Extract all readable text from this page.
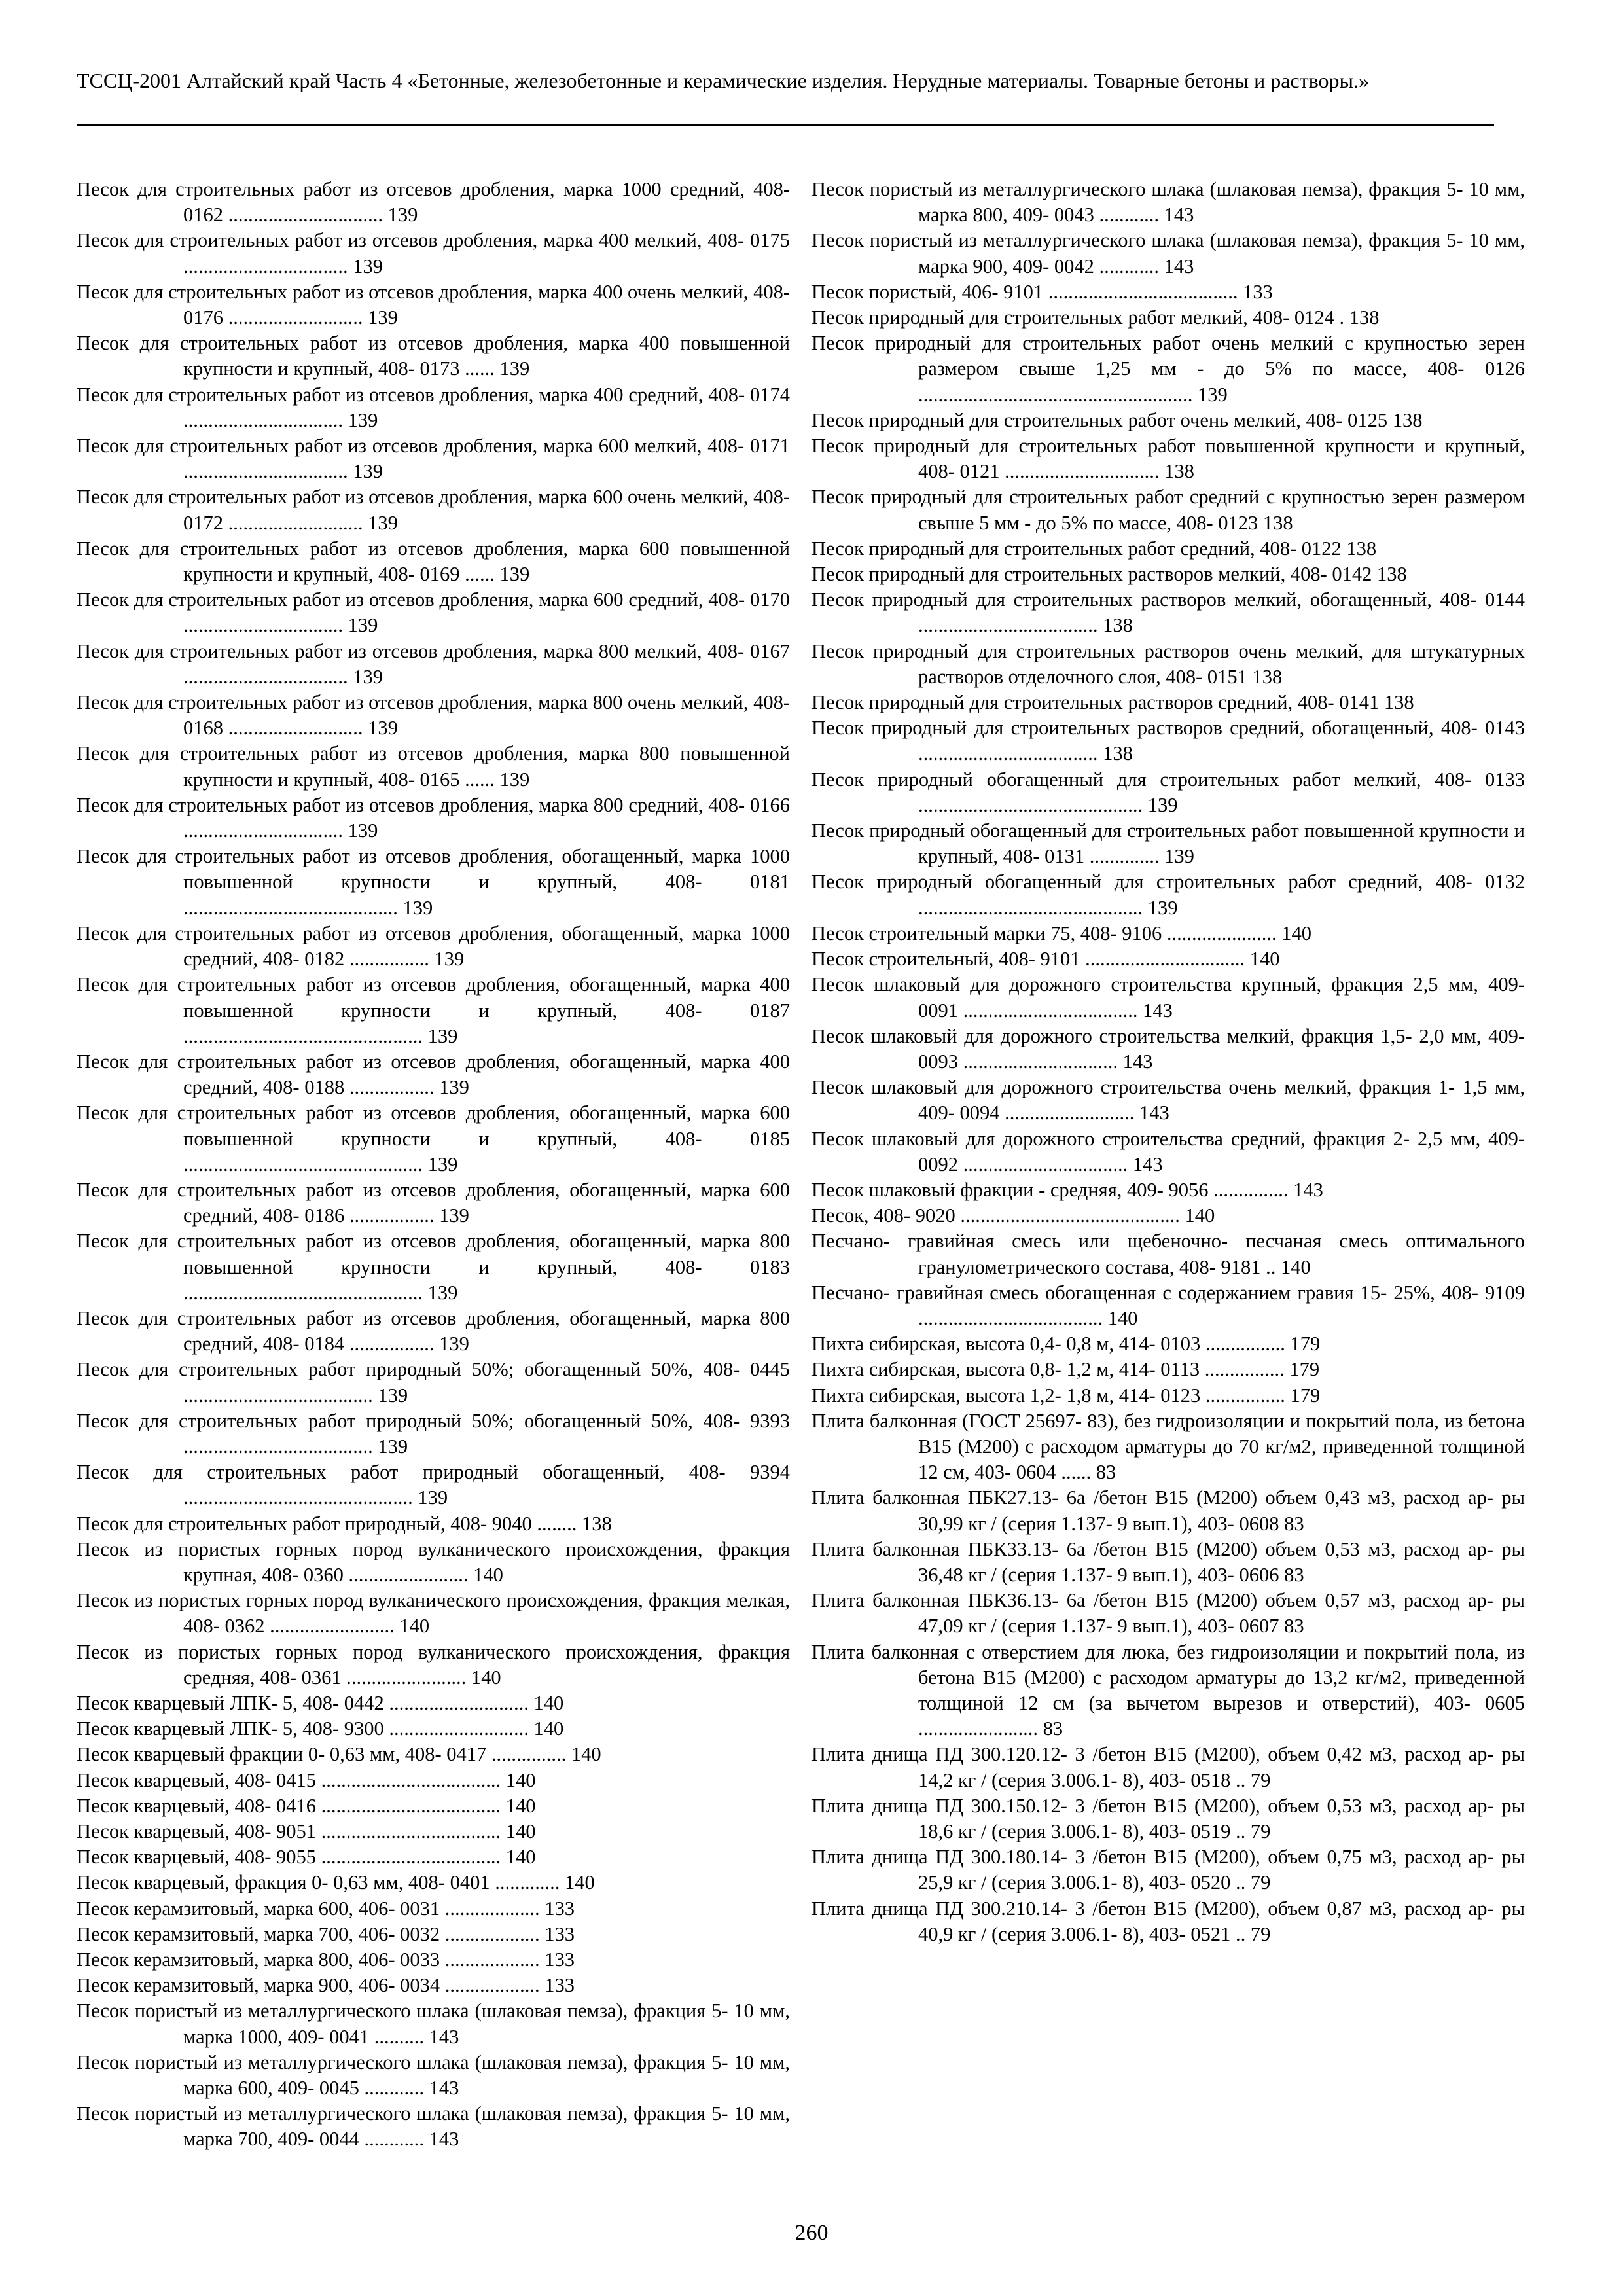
ТССЦ-2001 Алтайский край Часть 4 «Бетонные, железобетонные и керамические изделия. Нерудные материалы. Товарные бетоны и растворы.»
Песок для строительных работ из отсевов дробления, марка 1000 средний, 408- 0162 ............................... 139
Песок для строительных работ из отсевов дробления, марка 400 мелкий, 408- 0175 ................................. 139
Песок для строительных работ из отсевов дробления, марка 400 очень мелкий, 408- 0176 ........................... 139
Песок для строительных работ из отсевов дробления, марка 400 повышенной крупности и крупный, 408- 0173 ...... 139
Песок для строительных работ из отсевов дробления, марка 400 средний, 408- 0174 ................................ 139
Песок для строительных работ из отсевов дробления, марка 600 мелкий, 408- 0171 ................................. 139
Песок для строительных работ из отсевов дробления, марка 600 очень мелкий, 408- 0172 ........................... 139
Песок для строительных работ из отсевов дробления, марка 600 повышенной крупности и крупный, 408- 0169 ...... 139
Песок для строительных работ из отсевов дробления, марка 600 средний, 408- 0170 ................................ 139
Песок для строительных работ из отсевов дробления, марка 800 мелкий, 408- 0167 ................................. 139
Песок для строительных работ из отсевов дробления, марка 800 очень мелкий, 408- 0168 ........................... 139
Песок для строительных работ из отсевов дробления, марка 800 повышенной крупности и крупный, 408- 0165 ...... 139
Песок для строительных работ из отсевов дробления, марка 800 средний, 408- 0166 ................................ 139
Песок для строительных работ из отсевов дробления, обогащенный, марка 1000 повышенной крупности и крупный, 408- 0181 ........................................... 139
Песок для строительных работ из отсевов дробления, обогащенный, марка 1000 средний, 408- 0182 ................ 139
Песок для строительных работ из отсевов дробления, обогащенный, марка 400 повышенной крупности и крупный, 408- 0187 ................................................ 139
Песок для строительных работ из отсевов дробления, обогащенный, марка 400 средний, 408- 0188 ................. 139
Песок для строительных работ из отсевов дробления, обогащенный, марка 600 повышенной крупности и крупный, 408- 0185 ................................................ 139
Песок для строительных работ из отсевов дробления, обогащенный, марка 600 средний, 408- 0186 ................. 139
Песок для строительных работ из отсевов дробления, обогащенный, марка 800 повышенной крупности и крупный, 408- 0183 ................................................ 139
Песок для строительных работ из отсевов дробления, обогащенный, марка 800 средний, 408- 0184 ................. 139
Песок для строительных работ природный 50%; обогащенный 50%, 408- 0445 ...................................... 139
Песок для строительных работ природный 50%; обогащенный 50%, 408- 9393 ...................................... 139
Песок для строительных работ природный обогащенный, 408- 9394 .............................................. 139
Песок для строительных работ природный, 408- 9040 ........ 138
Песок из пористых горных пород вулканического происхождения, фракция крупная, 408- 0360 ........................ 140
Песок из пористых горных пород вулканического происхождения, фракция мелкая, 408- 0362 ......................... 140
Песок из пористых горных пород вулканического происхождения, фракция средняя, 408- 0361 ........................ 140
Песок кварцевый ЛПК- 5, 408- 0442 ............................ 140
Песок кварцевый ЛПК- 5, 408- 9300 ............................ 140
Песок кварцевый фракции 0- 0,63 мм, 408- 0417 ............... 140
Песок кварцевый, 408- 0415 .................................... 140
Песок кварцевый, 408- 0416 .................................... 140
Песок кварцевый, 408- 9051 .................................... 140
Песок кварцевый, 408- 9055 .................................... 140
Песок кварцевый, фракция 0- 0,63 мм, 408- 0401 ............. 140
Песок керамзитовый, марка 600, 406- 0031 ................... 133
Песок керамзитовый, марка 700, 406- 0032 ................... 133
Песок керамзитовый, марка 800, 406- 0033 ................... 133
Песок керамзитовый, марка 900, 406- 0034 ................... 133
Песок пористый из металлургического шлака (шлаковая пемза), фракция 5- 10 мм, марка 1000, 409- 0041 .......... 143
Песок пористый из металлургического шлака (шлаковая пемза), фракция 5- 10 мм, марка 600, 409- 0045 ............ 143
Песок пористый из металлургического шлака (шлаковая пемза), фракция 5- 10 мм, марка 700, 409- 0044 ............ 143
Песок пористый из металлургического шлака (шлаковая пемза), фракция 5- 10 мм, марка 800, 409- 0043 ............ 143
Песок пористый из металлургического шлака (шлаковая пемза), фракция 5- 10 мм, марка 900, 409- 0042 ............ 143
Песок пористый, 406- 9101 ...................................... 133
Песок природный для строительных работ мелкий, 408- 0124 . 138
Песок природный для строительных работ очень мелкий с крупностью зерен размером свыше 1,25 мм - до 5% по массе, 408- 0126 ....................................................... 139
Песок природный для строительных работ очень мелкий, 408- 0125 138
Песок природный для строительных работ повышенной крупности и крупный, 408- 0121 ............................... 138
Песок природный для строительных работ средний с крупностью зерен размером свыше 5 мм - до 5% по массе, 408- 0123 138
Песок природный для строительных работ средний, 408- 0122 138
Песок природный для строительных растворов мелкий, 408- 0142 138
Песок природный для строительных растворов мелкий, обогащенный, 408- 0144 .................................... 138
Песок природный для строительных растворов очень мелкий, для штукатурных растворов отделочного слоя, 408- 0151 138
Песок природный для строительных растворов средний, 408- 0141 138
Песок природный для строительных растворов средний, обогащенный, 408- 0143 .................................... 138
Песок природный обогащенный для строительных работ мелкий, 408- 0133 ............................................. 139
Песок природный обогащенный для строительных работ повышенной крупности и крупный, 408- 0131 .............. 139
Песок природный обогащенный для строительных работ средний, 408- 0132 ............................................. 139
Песок строительный марки 75, 408- 9106 ...................... 140
Песок строительный, 408- 9101 ................................ 140
Песок шлаковый для дорожного строительства крупный, фракция 2,5 мм, 409- 0091 ................................... 143
Песок шлаковый для дорожного строительства мелкий, фракция 1,5- 2,0 мм, 409- 0093 ............................... 143
Песок шлаковый для дорожного строительства очень мелкий, фракция 1- 1,5 мм, 409- 0094 .......................... 143
Песок шлаковый для дорожного строительства средний, фракция 2- 2,5 мм, 409- 0092 ................................. 143
Песок шлаковый фракции - средняя, 409- 9056 ............... 143
Песок, 408- 9020 ............................................ 140
Песчано- гравийная смесь или щебеночно- песчаная смесь оптимального гранулометрического состава, 408- 9181 .. 140
Песчано- гравийная смесь обогащенная с содержанием гравия 15- 25%, 408- 9109 ..................................... 140
Пихта сибирская, высота 0,4- 0,8 м, 414- 0103 ................ 179
Пихта сибирская, высота 0,8- 1,2 м, 414- 0113 ................ 179
Пихта сибирская, высота 1,2- 1,8 м, 414- 0123 ................ 179
Плита балконная (ГОСТ 25697- 83), без гидроизоляции и покрытий пола, из бетона В15 (М200) с расходом арматуры до 70 кг/м2, приведенной толщиной 12 см, 403- 0604 ...... 83
Плита балконная ПБК27.13- 6а /бетон В15 (М200) объем 0,43 м3, расход ар- ры 30,99 кг / (серия 1.137- 9 вып.1), 403- 0608 83
Плита балконная ПБК33.13- 6а /бетон В15 (М200) объем 0,53 м3, расход ар- ры 36,48 кг / (серия 1.137- 9 вып.1), 403- 0606 83
Плита балконная ПБК36.13- 6а /бетон В15 (М200) объем 0,57 м3, расход ар- ры 47,09 кг / (серия 1.137- 9 вып.1), 403- 0607 83
Плита балконная с отверстием для люка, без гидроизоляции и покрытий пола, из бетона В15 (М200) с расходом арматуры до 13,2 кг/м2, приведенной толщиной 12 см (за вычетом вырезов и отверстий), 403- 0605 ........................ 83
Плита днища ПД 300.120.12- 3 /бетон В15 (М200), объем 0,42 м3, расход ар- ры 14,2 кг / (серия 3.006.1- 8), 403- 0518 .. 79
Плита днища ПД 300.150.12- 3 /бетон В15 (М200), объем 0,53 м3, расход ар- ры 18,6 кг / (серия 3.006.1- 8), 403- 0519 .. 79
Плита днища ПД 300.180.14- 3 /бетон В15 (М200), объем 0,75 м3, расход ар- ры 25,9 кг / (серия 3.006.1- 8), 403- 0520 .. 79
Плита днища ПД 300.210.14- 3 /бетон В15 (М200), объем 0,87 м3, расход ар- ры 40,9 кг / (серия 3.006.1- 8), 403- 0521 .. 79
260
